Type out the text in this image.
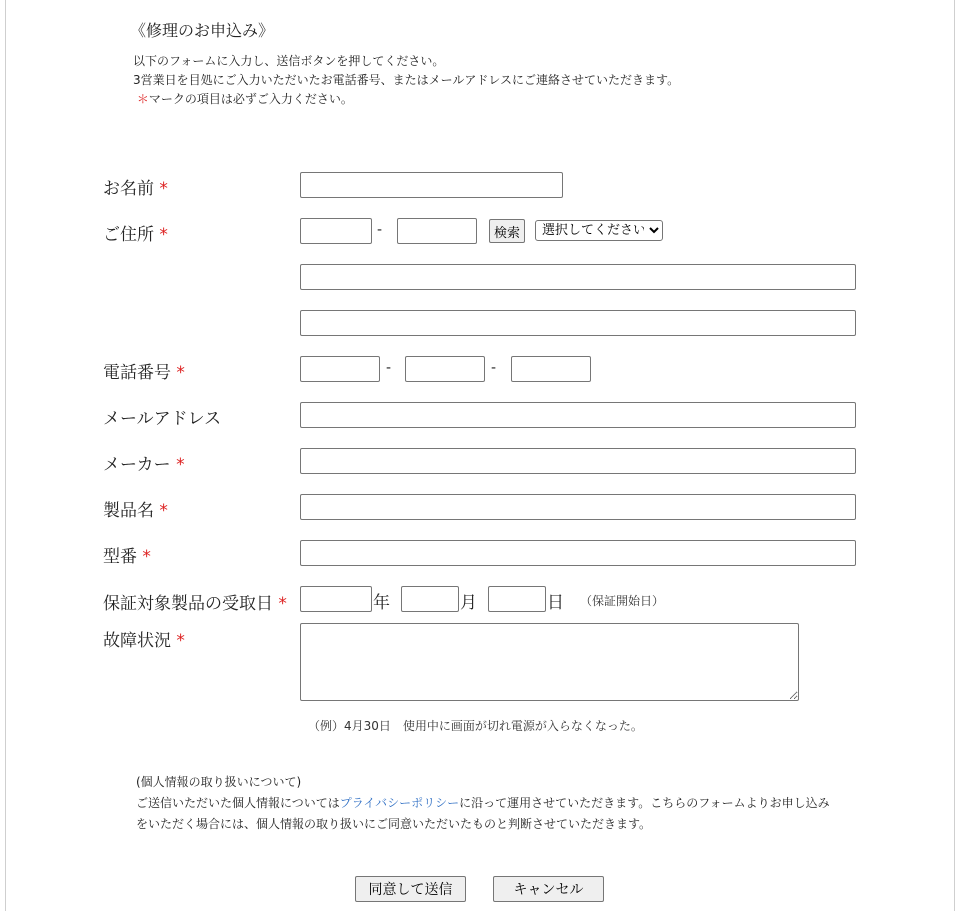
《修理のお申込み》
以下のフォームに入力し、送信ボタンを押してください。
3営業日を目処にご入力いただいたお電話番号、またはメールアドレスにご連絡させていただきます。
＊マークの項目は必ずご入力ください。
お名前 *
ご住所 *	-	検索
選択してください
電話番号 *	-	-
メールアドレス
メーカー *
製品名 *
型番 *
保証対象製品の受取日 *	年	月	日 （保証開始日）
故障状況 *
（例）4月30日　使用中に画面が切れ電源が入らなくなった。
(個人情報の取り扱いについて)
ご送信いただいた個人情報についてはプライバシーポリシーに沿って運用させていただきます。こちらのフォームよりお申し込みをいただく場合には、個人情報の取り扱いにご同意いただいたものと判断させていただきます。
同意して送信	キャンセル
